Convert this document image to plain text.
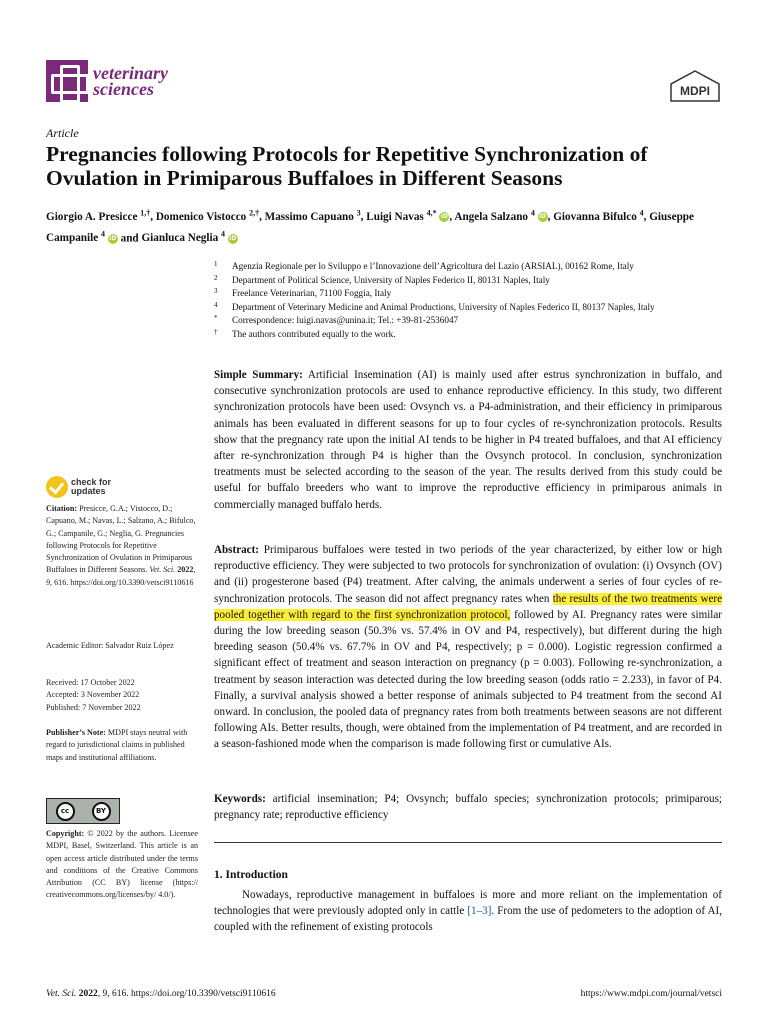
veterinary
sciences	MDPI
Article
Pregnancies following Protocols for Repetitive Synchronization of Ovulation in Primiparous Buffaloes in Different Seasons
Giorgio A. Presicce $^{1,\dagger}$, Domenico Vistocco $^{2,\dagger}$, Massimo Capuano $^3$, Luigi Navas $^{4,*}$ iD, Angela Salzano $^4$ iD, Giovanna Bifulco $^4$, Giuseppe Campanile $^4$ iD and Gianluca Neglia $^4$ iD
1	Agenzia Regionale per lo Sviluppo e l’Innovazione dell’Agricoltura del Lazio (ARSIAL), 00162 Rome, Italy
2	Department of Political Science, University of Naples Federico II, 80131 Naples, Italy
3	Freelance Veterinarian, 71100 Foggia, Italy
4	Department of Veterinary Medicine and Animal Productions, University of Naples Federico II, 80137 Naples, Italy
*	Correspondence: luigi.navas@unina.it; Tel.: +39-81-2536047
†	The authors contributed equally to the work.
Simple Summary: Artificial Insemination (AI) is mainly used after estrus synchronization in buffalo, and consecutive synchronization protocols are used to enhance reproductive efficiency. In this study, two different synchronization protocols have been used: Ovsynch vs. a P4-administration, and their efficiency in primiparous animals has been evaluated in different seasons for up to four cycles of re-synchronization protocols. Results show that the pregnancy rate upon the initial AI tends to be higher in P4 treated buffaloes, and that AI efficiency after re-synchronization through P4 is higher than the Ovsynch protocol. In conclusion, synchronization treatments must be selected according to the season of the year. The results derived from this study could be useful for buffalo breeders who want to improve the reproductive efficiency in primiparous animals in commercially managed buffalo herds.
Abstract: Primiparous buffaloes were tested in two periods of the year characterized, by either low or high reproductive efficiency. They were subjected to two protocols for synchronization of ovulation: (i) Ovsynch (OV) and (ii) progesterone based (P4) treatment. After calving, the animals underwent a series of four cycles of re-synchronization protocols. The season did not affect pregnancy rates when the results of the two treatments were pooled together with regard to the first synchronization protocol, followed by AI. Pregnancy rates were similar during the low breeding season (50.3% vs. 57.4% in OV and P4, respectively), but different during the high breeding season (50.4% vs. 67.7% in OV and P4, respectively; p = 0.000). Logistic regression confirmed a significant effect of treatment and season interaction on pregnancy (p = 0.003). Following re-synchronization, a treatment by season interaction was detected during the low breeding season (odds ratio = 2.233), in favor of P4. Finally, a survival analysis showed a better response of animals subjected to P4 treatment from the second AI onward. In conclusion, the pooled data of pregnancy rates from both treatments between seasons are not different following AIs. Better results, though, were obtained from the implementation of P4 treatment, and are recorded in a season-fashioned mode when the comparison is made following first or cumulative AIs.
Keywords: artificial insemination; P4; Ovsynch; buffalo species; synchronization protocols; primiparous; pregnancy rate; reproductive efficiency
1. Introduction
Nowadays, reproductive management in buffaloes is more and more reliant on the implementation of technologies that were previously adopted only in cattle [1–3]. From the use of pedometers to the adoption of AI, coupled with the refinement of existing protocols
check for
updates
Citation: Presicce, G.A.; Vistocco, D.; Capuano, M.; Navas, L.; Salzano, A.; Bifulco, G.; Campanile, G.; Neglia, G. Pregnancies following Protocols for Repetitive Synchronization of Ovulation in Primiparous Buffaloes in Different Seasons. Vet. Sci. 2022, 9, 616. https://doi.org/10.3390/vetsci9110616
Academic Editor: Salvador Ruiz López
Received: 17 October 2022
Accepted: 3 November 2022
Published: 7 November 2022
Publisher’s Note: MDPI stays neutral with regard to jurisdictional claims in published maps and institutional affiliations.
cc	BY
Copyright: © 2022 by the authors. Licensee MDPI, Basel, Switzerland. This article is an open access article distributed under the terms and conditions of the Creative Commons Attribution (CC BY) license (https:// creativecommons.org/licenses/by/ 4.0/).
Vet. Sci. 2022, 9, 616. https://doi.org/10.3390/vetsci9110616	https://www.mdpi.com/journal/vetsci
